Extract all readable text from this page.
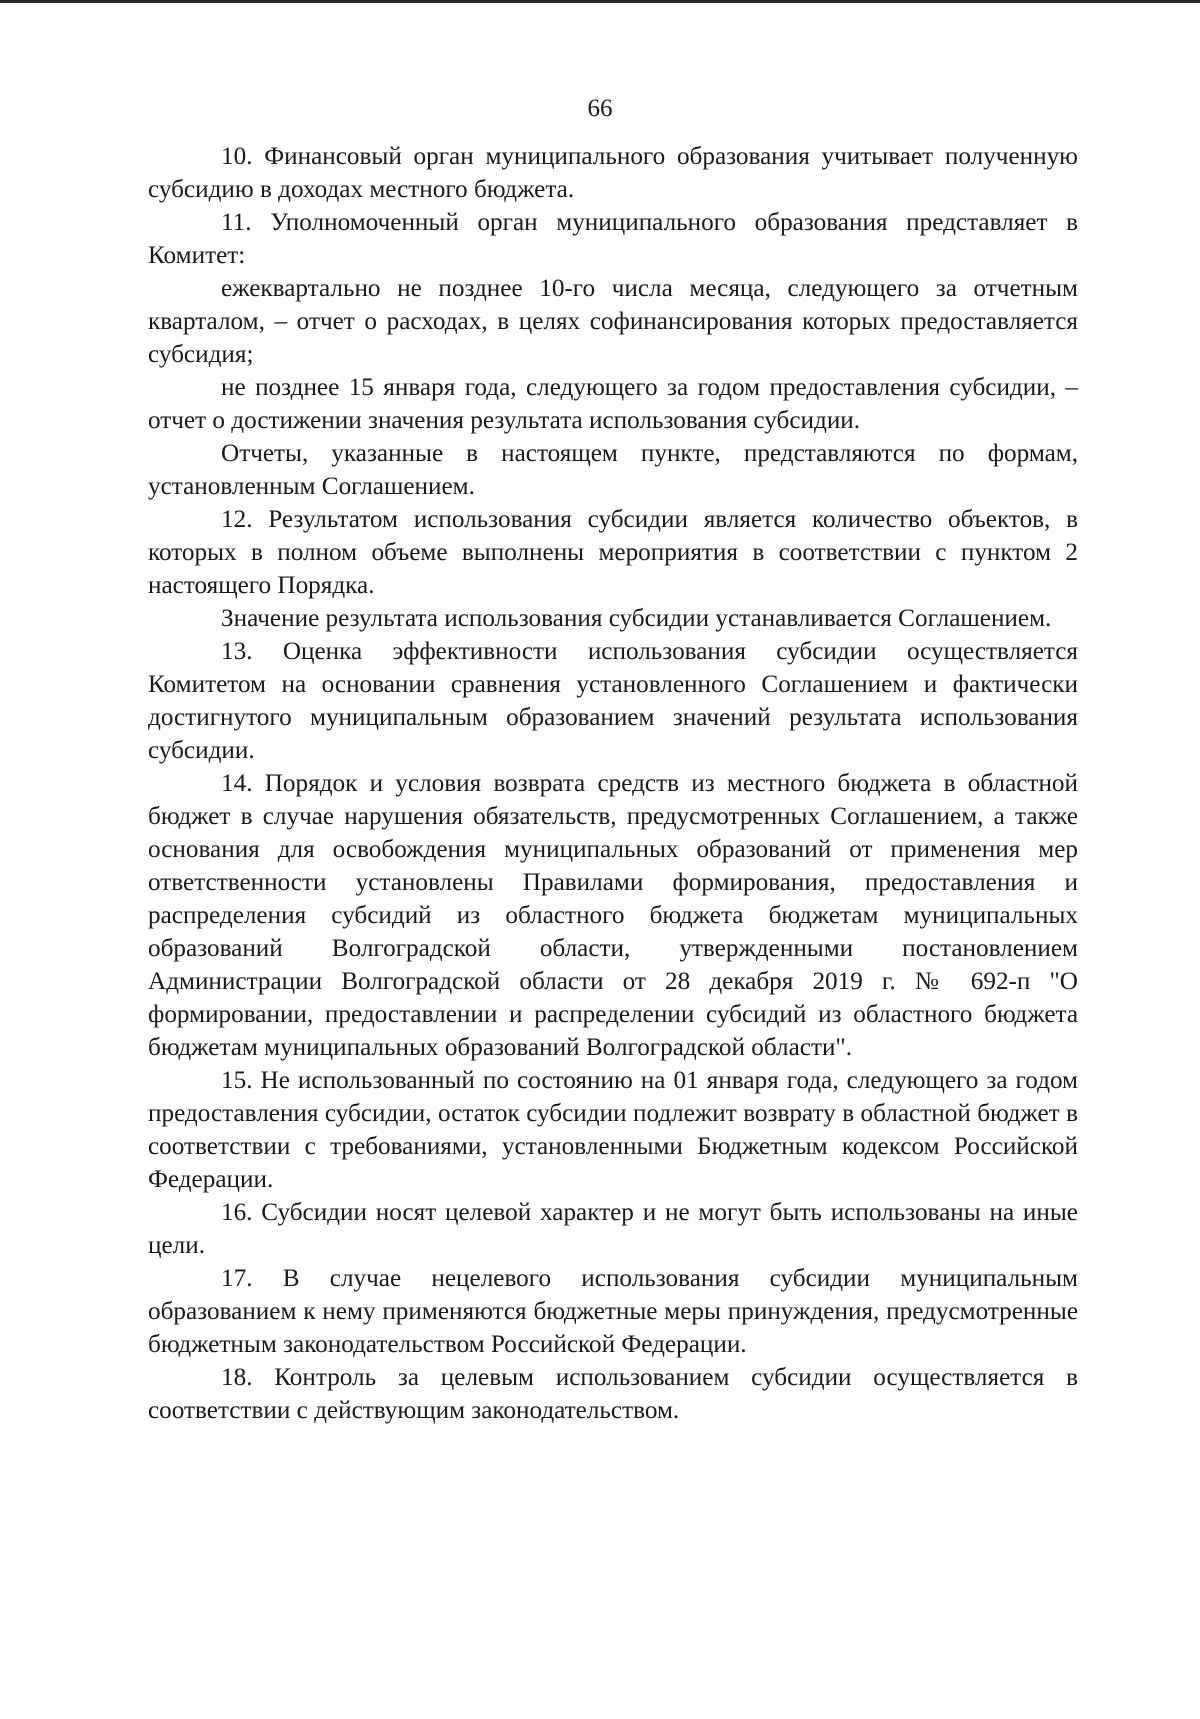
66

10. Финансовый орган муниципального образования учитывает полученную субсидию в доходах местного бюджета.

11. Уполномоченный орган муниципального образования представляет в Комитет:

ежеквартально не позднее 10-го числа месяца, следующего за отчетным кварталом, – отчет о расходах, в целях софинансирования которых предоставляется субсидия;

не позднее 15 января года, следующего за годом предоставления субсидии, – отчет о достижении значения результата использования субсидии.

Отчеты, указанные в настоящем пункте, представляются по формам, установленным Соглашением.

12. Результатом использования субсидии является количество объектов, в которых в полном объеме выполнены мероприятия в соответствии с пунктом 2 настоящего Порядка.

Значение результата использования субсидии устанавливается Соглашением.

13. Оценка эффективности использования субсидии осуществляется Комитетом на основании сравнения установленного Соглашением и фактически достигнутого муниципальным образованием значений результата использования субсидии.

14. Порядок и условия возврата средств из местного бюджета в областной бюджет в случае нарушения обязательств, предусмотренных Соглашением, а также основания для освобождения муниципальных образований от применения мер ответственности установлены Правилами формирования, предоставления и распределения субсидий из областного бюджета бюджетам муниципальных образований Волгоградской области, утвержденными постановлением Администрации Волгоградской области от 28 декабря 2019 г. № 692-п "О формировании, предоставлении и распределении субсидий из областного бюджета бюджетам муниципальных образований Волгоградской области".

15. Не использованный по состоянию на 01 января года, следующего за годом предоставления субсидии, остаток субсидии подлежит возврату в областной бюджет в соответствии с требованиями, установленными Бюджетным кодексом Российской Федерации.

16. Субсидии носят целевой характер и не могут быть использованы на иные цели.

17. В случае нецелевого использования субсидии муниципальным образованием к нему применяются бюджетные меры принуждения, предусмотренные бюджетным законодательством Российской Федерации.

18. Контроль за целевым использованием субсидии осуществляется в соответствии с действующим законодательством.
